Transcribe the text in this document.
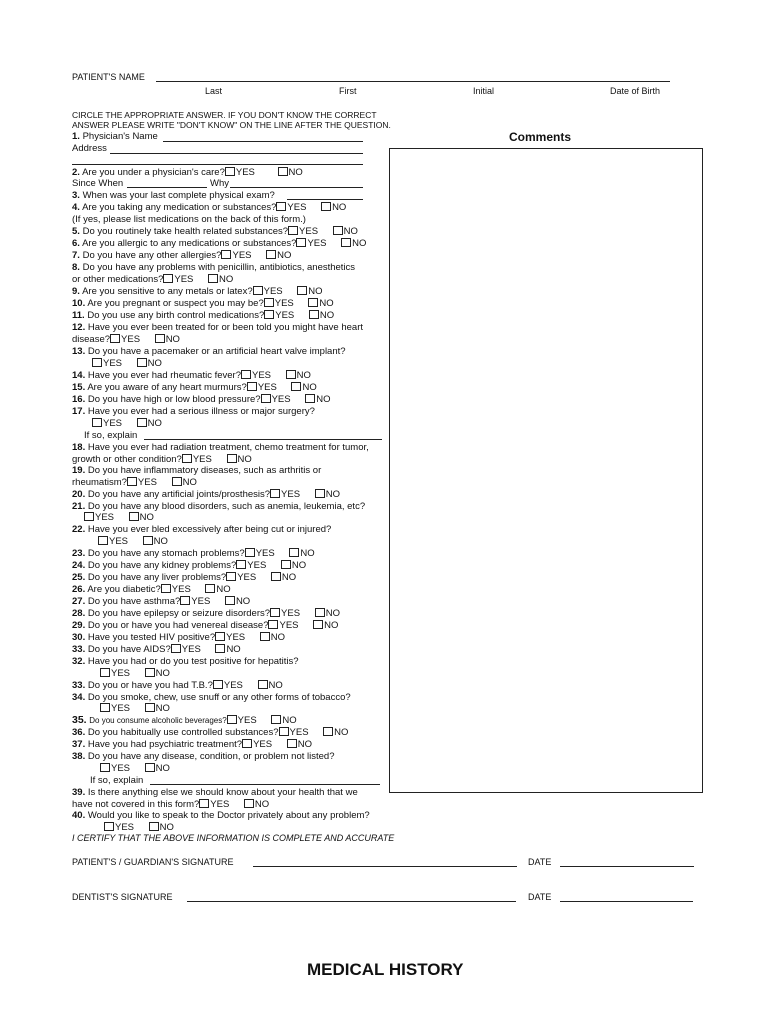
PATIENT'S NAME
Last	First	Initial	Date of Birth
CIRCLE THE APPROPRIATE ANSWER. IF YOU DON'T KNOW THE CORRECT
ANSWER PLEASE WRITE "DON'T KNOW" ON THE LINE AFTER THE QUESTION.
Comments
1. Physician's Name
Address
2. Are you under a physician's care? YES	NO
Since When	Why
3. When was your last complete physical exam?
4. Are you taking any medication or substances? YES	NO
(If yes, please list medications on the back of this form.)
5. Do you routinely take health related substances? YES	NO
6. Are you allergic to any medications or substances? YES	NO
7. Do you have any other allergies? YES	NO
8. Do you have any problems with penicillin, antibiotics, anesthetics
or other medications? YES	NO
9. Are you sensitive to any metals or latex? YES	NO
10. Are you pregnant or suspect you may be? YES	NO
11. Do you use any birth control medications? YES	NO
12. Have you ever been treated for or been told you might have heart
disease? YES	NO
13. Do you have a pacemaker or an artificial heart valve implant?
YES	NO
14. Have you ever had rheumatic fever? YES	NO
15. Are you aware of any heart murmurs? YES	NO
16. Do you have high or low blood pressure? YES	NO
17. Have you ever had a serious illness or major surgery?
YES	NO
If so, explain
18. Have you ever had radiation treatment, chemo treatment for tumor,
growth or other condition? YES	NO
19. Do you have inflammatory diseases, such as arthritis or
rheumatism? YES	NO
20. Do you have any artificial joints/prosthesis? YES	NO
21. Do you have any blood disorders, such as anemia, leukemia, etc?
YES	NO
22. Have you ever bled excessively after being cut or injured?
YES	NO
23. Do you have any stomach problems? YES	NO
24. Do you have any kidney problems? YES	NO
25. Do you have any liver problems? YES	NO
26. Are you diabetic? YES	NO
27. Do you have asthma? YES	NO
28. Do you have epilepsy or seizure disorders? YES	NO
29. Do you or have you had venereal disease? YES	NO
30. Have you tested HIV positive? YES	NO
33. Do you have AIDS? YES	NO
32. Have you had or do you test positive for hepatitis?
YES	NO
33. Do you or have you had T.B.? YES	NO
34. Do you smoke, chew, use snuff or any other forms of tobacco?
YES	NO
35. Do you consume alcoholic beverages? YES	NO
36. Do you habitually use controlled substances? YES	NO
37. Have you had psychiatric treatment? YES	NO
38. Do you have any disease, condition, or problem not listed?
YES	NO
If so, explain
39. Is there anything else we should know about your health that we
have not covered in this form? YES	NO
40. Would you like to speak to the Doctor privately about any problem?
YES	NO
I CERTIFY THAT THE ABOVE INFORMATION IS COMPLETE AND ACCURATE
PATIENT'S / GUARDIAN'S SIGNATURE	DATE
DENTIST'S SIGNATURE	DATE
MEDICAL HISTORY
